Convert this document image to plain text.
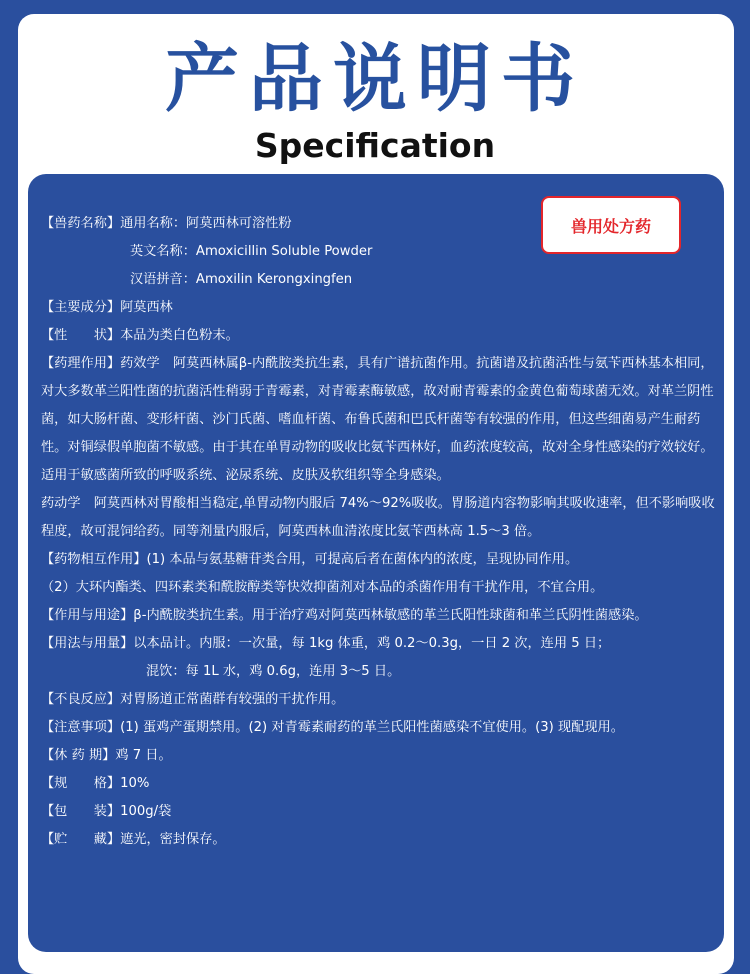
产品说明书
Specification
兽用处方药
【兽药名称】通用名称：阿莫西林可溶性粉
英文名称：Amoxicillin Soluble Powder
汉语拼音：Amoxilin Kerongxingfen
【主要成分】阿莫西林
【性　　状】本品为类白色粉末。
【药理作用】药效学　阿莫西林属β-内酰胺类抗生素，具有广谱抗菌作用。抗菌谱及抗菌活性与氨苄西林基本相同，对大多数革兰阳性菌的抗菌活性稍弱于青霉素，对青霉素酶敏感，故对耐青霉素的金黄色葡萄球菌无效。对革兰阴性菌，如大肠杆菌、变形杆菌、沙门氏菌、嗜血杆菌、布鲁氏菌和巴氏杆菌等有较强的作用，但这些细菌易产生耐药性。对铜绿假单胞菌不敏感。由于其在单胃动物的吸收比氨苄西林好，血药浓度较高，故对全身性感染的疗效较好。适用于敏感菌所致的呼吸系统、泌尿系统、皮肤及软组织等全身感染。
药动学　阿莫西林对胃酸相当稳定,单胃动物内服后 74%～92%吸收。胃肠道内容物影响其吸收速率，但不影响吸收程度，故可混饲给药。同等剂量内服后，阿莫西林血清浓度比氨苄西林高 1.5～3 倍。
【药物相互作用】(1) 本品与氨基糖苷类合用，可提高后者在菌体内的浓度，呈现协同作用。
（2）大环内酯类、四环素类和酰胺醇类等快效抑菌剂对本品的杀菌作用有干扰作用，不宜合用。
【作用与用途】β-内酰胺类抗生素。用于治疗鸡对阿莫西林敏感的革兰氏阳性球菌和革兰氏阴性菌感染。
【用法与用量】以本品计。内服：一次量，每 1kg 体重，鸡 0.2～0.3g，一日 2 次，连用 5 日；
混饮：每 1L 水，鸡 0.6g，连用 3～5 日。
【不良反应】对胃肠道正常菌群有较强的干扰作用。
【注意事项】(1) 蛋鸡产蛋期禁用。(2) 对青霉素耐药的革兰氏阳性菌感染不宜使用。(3) 现配现用。
【休 药 期】鸡 7 日。
【规　　格】10%
【包　　装】100g/袋
【贮　　藏】遮光，密封保存。
